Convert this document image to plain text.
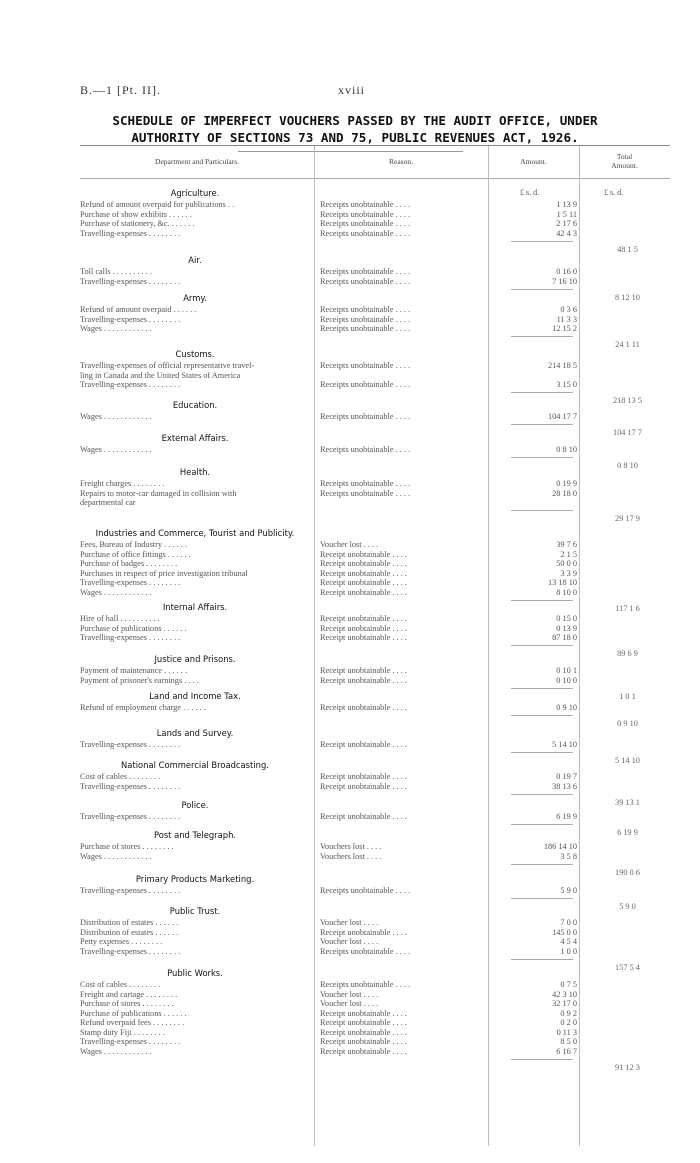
B.—1 [Pt. II].	xviii
SCHEDULE OF IMPERFECT VOUCHERS PASSED BY THE AUDIT OFFICE, UNDER
AUTHORITY OF SECTIONS 73 AND 75, PUBLIC REVENUES ACT, 1926.
Department and Particulars.	Reason.	Amount.
Total
Amount.
£ s. d.	£ s. d.
Agriculture.
Refund of amount overpaid for publications . .	Receipts unobtainable . . . .	1 13 9
Purchase of show exhibits . . . . . .	Receipts unobtainable . . . .	1 5 11
Purchase of stationery, &c. . . . . . .	Receipts unobtainable . . . .	2 17 6
Travelling-expenses . . . . . . . .	Receipts unobtainable . . . .	42 4 3
48 1 5
Air.
Toll calls . . . . . . . . . .	Receipts unobtainable . . . .	0 16 0
Travelling-expenses . . . . . . . .	Receipts unobtainable . . . .	7 16 10
8 12 10
Army.
Refund of amount overpaid . . . . . .	Receipts unobtainable . . . .	0 3 6
Travelling-expenses . . . . . . . .	Receipts unobtainable . . . .	11 3 3
Wages . . . . . . . . . . . .	Receipts unobtainable . . . .	12 15 2
24 1 11
Customs.
Travelling-expenses of official representative travel-	Receipts unobtainable . . . .	214 18 5
ling in Canada and the United States of America
Travelling-expenses . . . . . . . .	Receipts unobtainable . . . .	3 15 0
218 13 5
Education.
Wages . . . . . . . . . . . .	Receipts unobtainable . . . .	104 17 7
104 17 7
External Affairs.
Wages . . . . . . . . . . . .	Receipts unobtainable . . . .	0 8 10
0 8 10
Health.
Freight charges . . . . . . . .	Receipts unobtainable . . . .	0 19 9
Repairs to motor-car damaged in collision with	Receipts unobtainable . . . .	28 18 0
departmental car
29 17 9
Industries and Commerce, Tourist and Publicity.
Fees, Bureau of Industry . . . . . .	Voucher lost . . . .	39 7 6
Purchase of office fittings . . . . . .	Receipt unobtainable . . . .	2 1 5
Purchase of badges . . . . . . . .	Receipt unobtainable . . . .	50 0 0
Purchases in respect of price investigation tribunal	Receipt unobtainable . . . .	3 3 9
Travelling-expenses . . . . . . . .	Receipt unobtainable . . . .	13 18 10
Wages . . . . . . . . . . . .	Receipt unobtainable . . . .	8 10 0
117 1 6
Internal Affairs.
Hire of hall . . . . . . . . . .	Receipt unobtainable . . . .	0 15 0
Purchase of publications . . . . . .	Receipt unobtainable . . . .	0 13 9
Travelling-expenses . . . . . . . .	Receipt unobtainable . . . .	87 18 0
89 6 9
Justice and Prisons.
Payment of maintenance . . . . . .	Receipt unobtainable . . . .	0 10 1
Payment of prisoner's earnings . . . .	Receipt unobtainable . . . .	0 10 0
1 0 1
Land and Income Tax.
Refund of employment charge . . . . . .	Receipt unobtainable . . . .	0 9 10
0 9 10
Lands and Survey.
Travelling-expenses . . . . . . . .	Receipt unobtainable . . . .	5 14 10
5 14 10
National Commercial Broadcasting.
Cost of cables . . . . . . . .	Receipt unobtainable . . . .	0 19 7
Travelling-expenses . . . . . . . .	Receipt unobtainable . . . .	38 13 6
39 13 1
Police.
Travelling-expenses . . . . . . . .	Receipt unobtainable . . . .	6 19 9
6 19 9
Post and Telegraph.
Purchase of stores . . . . . . . .	Vouchers lost . . . .	186 14 10
Wages . . . . . . . . . . . .	Vouchers lost . . . .	3 5 8
190 0 6
Primary Products Marketing.
Travelling-expenses . . . . . . . .	Receipts unobtainable . . . .	5 9 0
5 9 0
Public Trust.
Distribution of estates . . . . . .	Voucher lost . . . .	7 0 0
Distribution of estates . . . . . .	Receipt unobtainable . . . .	145 0 0
Petty expenses . . . . . . . .	Voucher lost . . . .	4 5 4
Travelling-expenses . . . . . . . .	Receipts unobtainable . . . .	1 0 0
157 5 4
Public Works.
Cost of cables . . . . . . . .	Receipts unobtainable . . . .	0 7 5
Freight and cartage . . . . . . . .	Voucher lost . . . .	42 3 10
Purchase of stores . . . . . . . .	Voucher lost . . . .	32 17 0
Purchase of publications . . . . . .	Receipt unobtainable . . . .	0 9 2
Refund overpaid fees . . . . . . . .	Receipt unobtainable . . . .	0 2 0
Stamp duty Fiji . . . . . . . .	Receipt unobtainable . . . .	0 11 3
Travelling-expenses . . . . . . . .	Receipt unobtainable . . . .	8 5 0
Wages . . . . . . . . . . . .	Receipt unobtainable . . . .	6 16 7
91 12 3
